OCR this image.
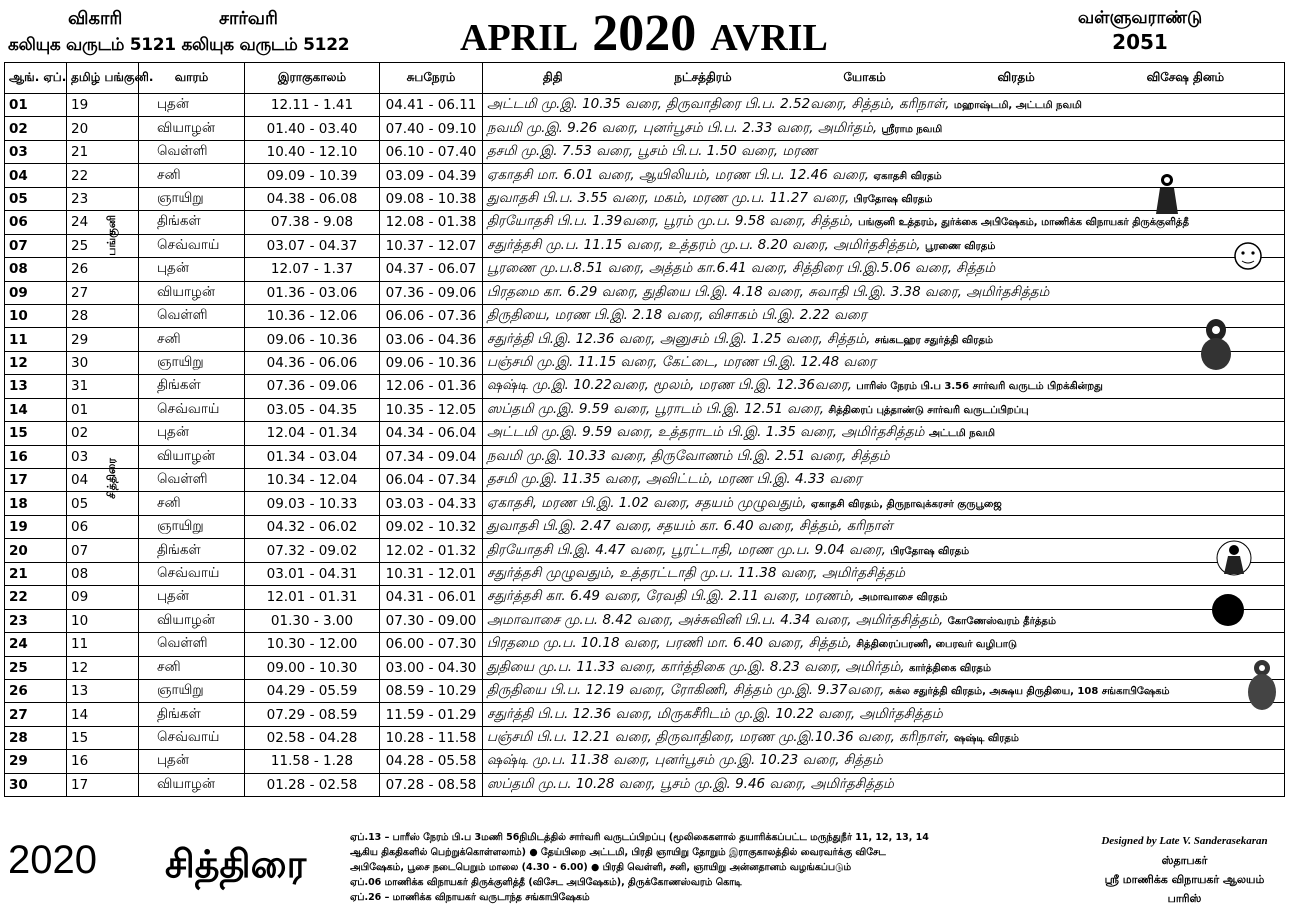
விகாரி	சார்வரி
கலியுக வருடம் 5121 கலியுக வருடம் 5122	APRIL 2020 AVRIL	வள்ளுவராண்டு
2051
ஆங். ஏப்.	தமிழ் பங்குனி.	வாரம்	இராகுகாலம்	சுபநேரம்	திதி நட்சத்திரம் யோகம் விரதம் விசேஷ தினம்

01	19	புதன்	12.11 - 1.41	04.41 - 06.11	அட்டமி மு.இ. 10.35 வரை, திருவாதிரை பி.ப. 2.52வரை, சித்தம், கரிநாள், மஹாஷ்டமி, அட்டமி நவமி
02	20	வியாழன்	01.40 - 03.40	07.40 - 09.10	நவமி மு.இ. 9.26 வரை, புனர்பூசம் பி.ப. 2.33 வரை, அமிர்தம், ஸ்ரீராம நவமி
03	21	வெள்ளி	10.40 - 12.10	06.10 - 07.40	தசமி மு.இ. 7.53 வரை, பூசம் பி.ப. 1.50 வரை, மரண
04	22	சனி	09.09 - 10.39	03.09 - 04.39	ஏகாதசி மா. 6.01 வரை, ஆயிலியம், மரண பி.ப. 12.46 வரை, ஏகாதசி விரதம்
05	23	ஞாயிறு	04.38 - 06.08	09.08 - 10.38	துவாதசி பி.ப. 3.55 வரை, மகம், மரண மு.ப. 11.27 வரை, பிரதோஷ விரதம்
06	24	திங்கள்	07.38 - 9.08	12.08 - 01.38	திரயோதசி பி.ப. 1.39வரை, பூரம் மு.ப. 9.58 வரை, சித்தம், பங்குனி உத்தரம், துர்க்கை அபிஷேகம், மாணிக்க விநாயகர் திருக்குளித்தீ
07	25	செவ்வாய்	03.07 - 04.37	10.37 - 12.07	சதுர்த்தசி மு.ப. 11.15 வரை, உத்தரம் மு.ப. 8.20 வரை, அமிர்தசித்தம், பூரணை விரதம்
08	26	புதன்	12.07 - 1.37	04.37 - 06.07	பூரணை மு.ப.8.51 வரை, அத்தம் கா.6.41 வரை, சித்திரை பி.இ.5.06 வரை, சித்தம்
09	27	வியாழன்	01.36 - 03.06	07.36 - 09.06	பிரதமை கா. 6.29 வரை, துதியை பி.இ. 4.18 வரை, சுவாதி பி.இ. 3.38 வரை, அமிர்தசித்தம்
10	28	வெள்ளி	10.36 - 12.06	06.06 - 07.36	திருதியை, மரண பி.இ. 2.18 வரை, விசாகம் பி.இ. 2.22 வரை
11	29	சனி	09.06 - 10.36	03.06 - 04.36	சதுர்த்தி பி.இ. 12.36 வரை, அனுசம் பி.இ. 1.25 வரை, சித்தம், சங்கடஹர சதுர்த்தி விரதம்
12	30	ஞாயிறு	04.36 - 06.06	09.06 - 10.36	பஞ்சமி மு.இ. 11.15 வரை, கேட்டை, மரண பி.இ. 12.48 வரை
13	31	திங்கள்	07.36 - 09.06	12.06 - 01.36	ஷஷ்டி மு.இ. 10.22வரை, மூலம், மரண பி.இ. 12.36வரை, பாரிஸ் நேரம் பி.ப 3.56 சார்வரி வருடம் பிறக்கின்றது
14	01	செவ்வாய்	03.05 - 04.35	10.35 - 12.05	ஸப்தமி மு.இ. 9.59 வரை, பூராடம் பி.இ. 12.51 வரை, சித்திரைப் புத்தாண்டு சார்வரி வருடப்பிறப்பு
15	02	புதன்	12.04 - 01.34	04.34 - 06.04	அட்டமி மு.இ. 9.59 வரை, உத்தராடம் பி.இ. 1.35 வரை, அமிர்தசித்தம் அட்டமி நவமி
16	03	வியாழன்	01.34 - 03.04	07.34 - 09.04	நவமி மு.இ. 10.33 வரை, திருவோணம் பி.இ. 2.51 வரை, சித்தம்
17	04	வெள்ளி	10.34 - 12.04	06.04 - 07.34	தசமி மு.இ. 11.35 வரை, அவிட்டம், மரண பி.இ. 4.33 வரை
18	05	சனி	09.03 - 10.33	03.03 - 04.33	ஏகாதசி, மரண பி.இ. 1.02 வரை, சதயம் முழுவதும், ஏகாதசி விரதம், திருநாவுக்கரசர் குருபூஜை
19	06	ஞாயிறு	04.32 - 06.02	09.02 - 10.32	துவாதசி பி.இ. 2.47 வரை, சதயம் கா. 6.40 வரை, சித்தம், கரிநாள்
20	07	திங்கள்	07.32 - 09.02	12.02 - 01.32	திரயோதசி பி.இ. 4.47 வரை, பூரட்டாதி, மரண மு.ப. 9.04 வரை, பிரதோஷ விரதம்
21	08	செவ்வாய்	03.01 - 04.31	10.31 - 12.01	சதுர்த்தசி முழுவதும், உத்தரட்டாதி மு.ப. 11.38 வரை, அமிர்தசித்தம்
22	09	புதன்	12.01 - 01.31	04.31 - 06.01	சதுர்த்தசி கா. 6.49 வரை, ரேவதி பி.இ. 2.11 வரை, மரணம், அமாவாசை விரதம்
23	10	வியாழன்	01.30 - 3.00	07.30 - 09.00	அமாவாசை மு.ப. 8.42 வரை, அச்சுவினி பி.ப. 4.34 வரை, அமிர்தசித்தம், கோணேஸ்வரம் தீர்த்தம்
24	11	வெள்ளி	10.30 - 12.00	06.00 - 07.30	பிரதமை மு.ப. 10.18 வரை, பரணி மா. 6.40 வரை, சித்தம், சித்திரைப்பரணி, பைரவர் வழிபாடு
25	12	சனி	09.00 - 10.30	03.00 - 04.30	துதியை மு.ப. 11.33 வரை, கார்த்திகை மு.இ. 8.23 வரை, அமிர்தம், கார்த்திகை விரதம்
26	13	ஞாயிறு	04.29 - 05.59	08.59 - 10.29	திருதியை பி.ப. 12.19 வரை, ரோகிணி, சித்தம் மு.இ. 9.37வரை, சுக்ல சதுர்த்தி விரதம், அக்ஷய திருதியை, 108 சங்காபிஷேகம்
27	14	திங்கள்	07.29 - 08.59	11.59 - 01.29	சதுர்த்தி பி.ப. 12.36 வரை, மிருகசீரிடம் மு.இ. 10.22 வரை, அமிர்தசித்தம்
28	15	செவ்வாய்	02.58 - 04.28	10.28 - 11.58	பஞ்சமி பி.ப. 12.21 வரை, திருவாதிரை, மரண மு.இ.10.36 வரை, கரிநாள், ஷஷ்டி விரதம்
29	16	புதன்	11.58 - 1.28	04.28 - 05.58	ஷஷ்டி மு.ப. 11.38 வரை, புனர்பூசம் மு.இ. 10.23 வரை, சித்தம்
30	17	வியாழன்	01.28 - 02.58	07.28 - 08.58	ஸப்தமி மு.ப. 10.28 வரை, பூசம் மு.இ. 9.46 வரை, அமிர்தசித்தம்
பங்குனி
சித்திரை
2020 சித்திரை
ஏப்.13 – பாரீஸ் நேரம் பி.ப 3மணி 56நிமிடத்தில் சார்வரி வருடப்பிறப்பு (மூலிகைகளால் தயாரிக்கப்பட்ட மருந்துநீர் 11, 12, 13, 14
ஆகிய திகதிகளில் பெற்றுக்கொள்ளலாம்) ● தேய்பிறை அட்டமி, பிரதி ஞாயிறு தோறும் இராகுகாலத்தில் வைரவர்க்கு விசேட
அபிஷேகம், பூசை நடைபெறும் மாலை (4.30 - 6.00) ● பிரதி வெள்ளி, சனி, ஞாயிறு அன்னதானம் வழங்கப்படும்
ஏப்.06 மாணிக்க விநாயகர் திருக்குளித்தீ (விசேட அபிஷேகம்), திருக்கோணஸ்வரம் கொடி
ஏப்.26 – மாணிக்க விநாயகர் வருடாந்த சங்காபிஷேகம்
Designed by Late V. Sanderasekaran
ஸ்தாபகர்
ஸ்ரீ மாணிக்க விநாயகர் ஆலயம்
பாரிஸ்
